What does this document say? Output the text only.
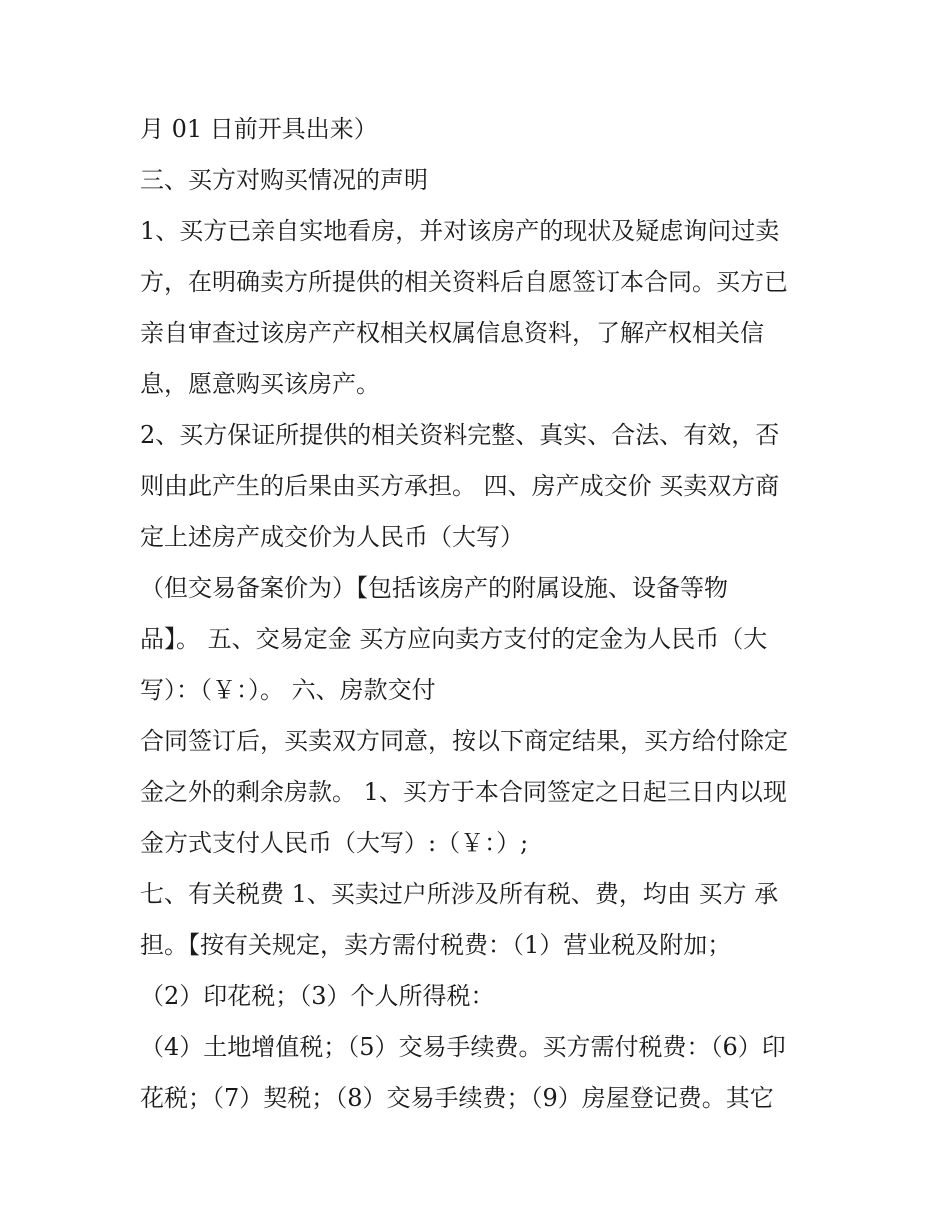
月 01 日前开具出来）
三、买方对购买情况的声明
1、买方已亲自实地看房，并对该房产的现状及疑虑询问过卖
方，在明确卖方所提供的相关资料后自愿签订本合同。买方已
亲自审查过该房产产权相关权属信息资料，了解产权相关信
息，愿意购买该房产。
2、买方保证所提供的相关资料完整、真实、合法、有效，否
则由此产生的后果由买方承担。 四、房产成交价 买卖双方商
定上述房产成交价为人民币（大写）
（但交易备案价为）【包括该房产的附属设施、设备等物
品】。 五、交易定金 买方应向卖方支付的定金为人民币（大
写）：（￥：）。 六、房款交付
合同签订后，买卖双方同意，按以下商定结果，买方给付除定
金之外的剩余房款。 1、买方于本合同签定之日起三日内以现
金方式支付人民币（大写）:（￥：）;
七、有关税费 1、买卖过户所涉及所有税、费，均由 买方 承
担。【按有关规定，卖方需付税费：（1）营业税及附加；
（2）印花税；（3）个人所得税：
（4）土地增值税；（5）交易手续费。买方需付税费：（6）印
花税；（7）契税；（8）交易手续费；（9）房屋登记费。其它
